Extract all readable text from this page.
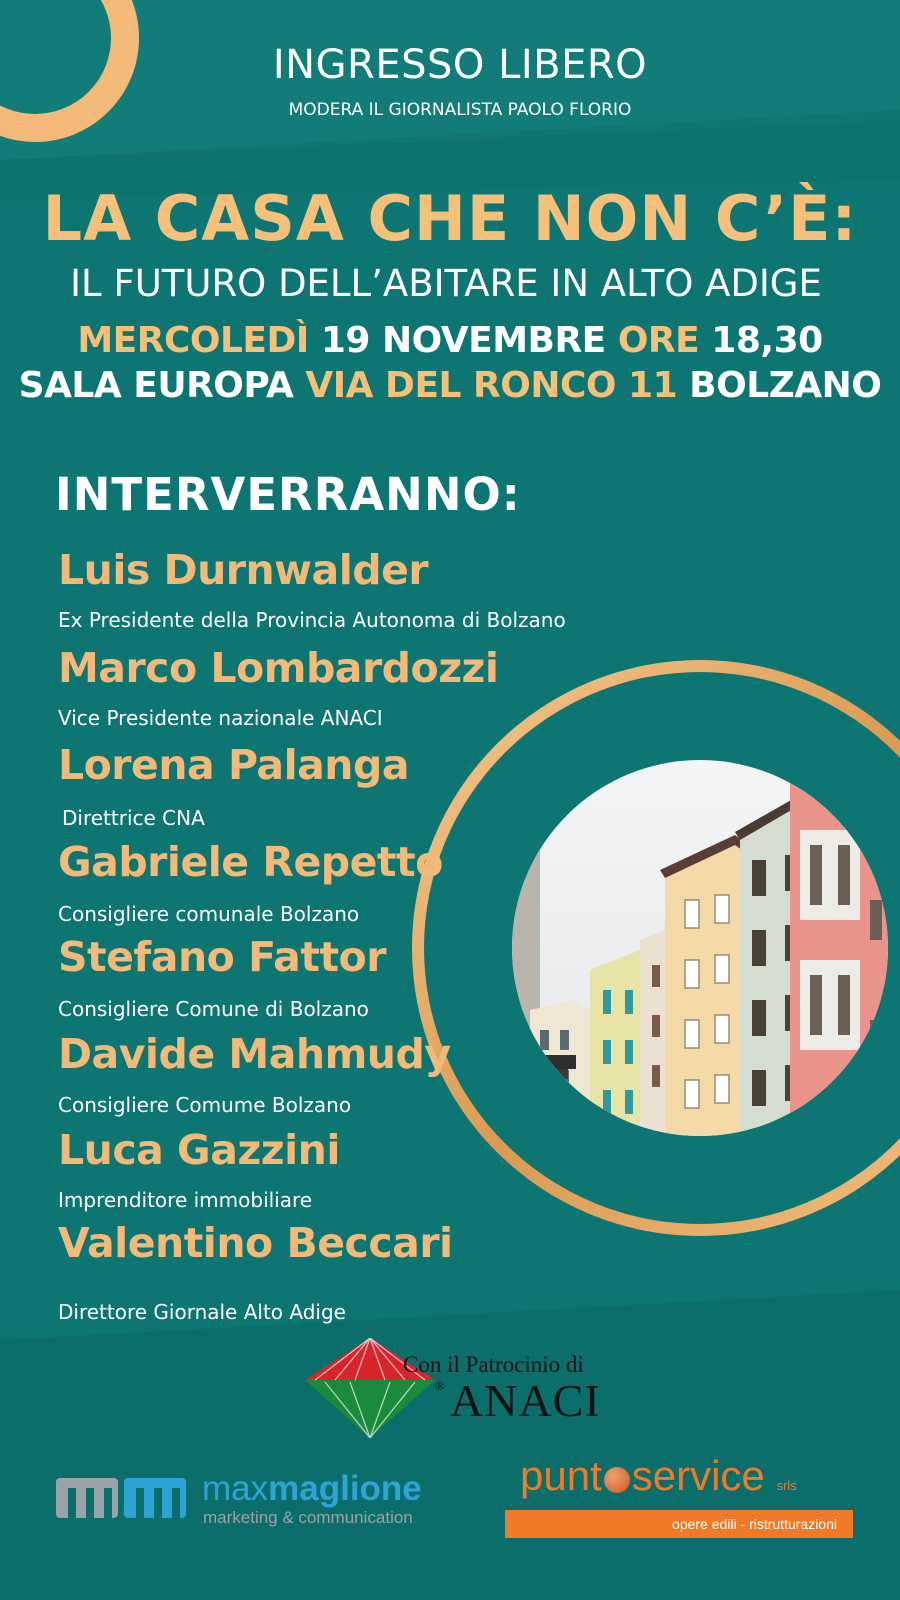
INGRESSO LIBERO
MODERA IL GIORNALISTA PAOLO FLORIO
LA CASA CHE NON C’È:
IL FUTURO DELL’ABITARE IN ALTO ADIGE
MERCOLEDÌ 19 NOVEMBRE ORE 18,30
SALA EUROPA VIA DEL RONCO 11 BOLZANO
INTERVERRANNO:
Luis Durnwalder
Ex Presidente della Provincia Autonoma di Bolzano
Marco Lombardozzi
Vice Presidente nazionale ANACI
Lorena Palanga
Direttrice CNA
Gabriele Repetto
Consigliere comunale Bolzano
Stefano Fattor
Consigliere Comune di Bolzano
Davide Mahmudy
Consigliere Comume Bolzano
Luca Gazzini
Imprenditore immobiliare
Valentino Beccari
Direttore Giornale Alto Adige
Con il Patrocinio di
® ANACI
maxmaglione
marketing & communication
punt service srls
opere edili - ristrutturazioni
